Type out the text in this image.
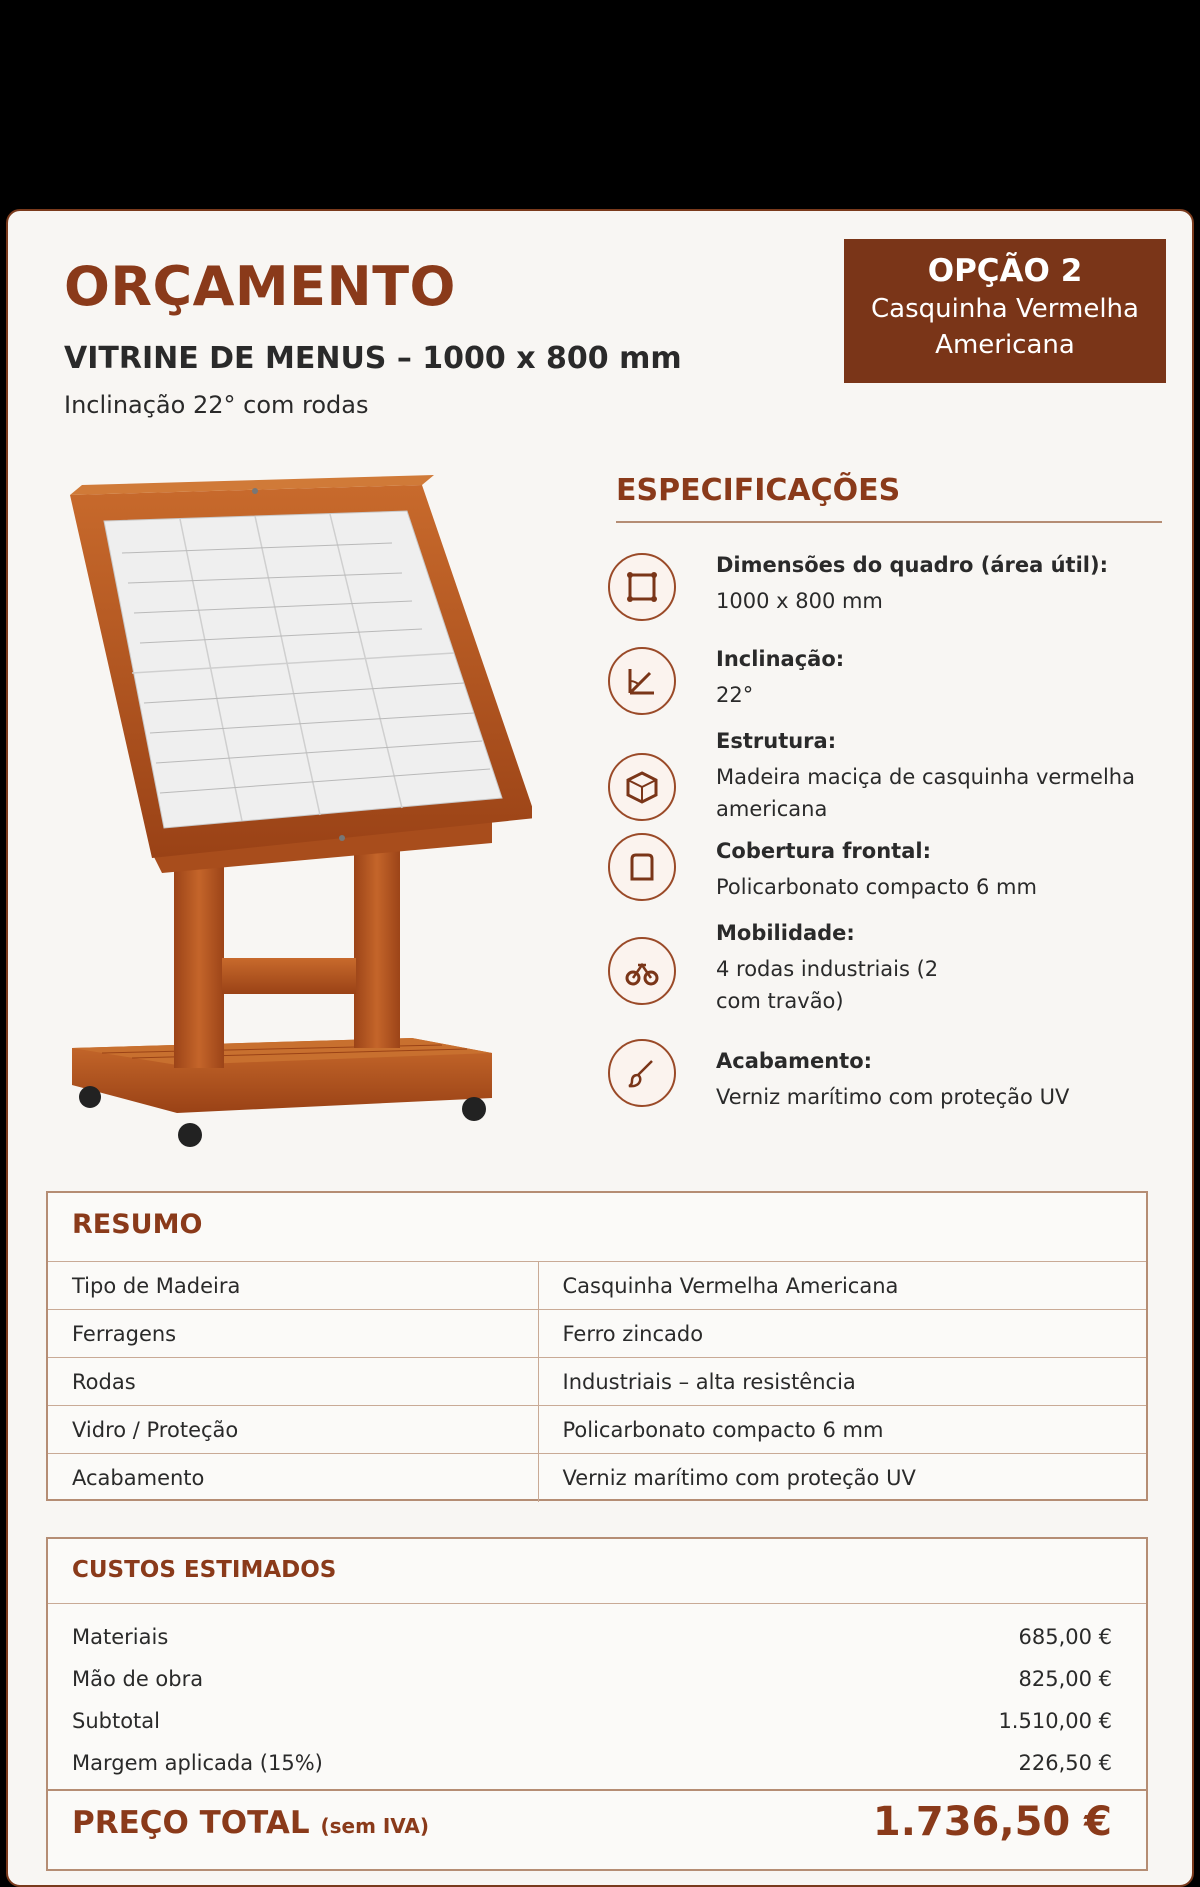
ORÇAMENTO
VITRINE DE MENUS – 1000 x 800 mm
Inclinação 22° com rodas
OPÇÃO 2
Casquinha Vermelha
Americana
ESPECIFICAÇÕES
Dimensões do quadro (área útil):
1000 x 800 mm
Inclinação:
22°
Estrutura:
Madeira maciça de casquinha vermelha americana
Cobertura frontal:
Policarbonato compacto 6 mm
Mobilidade:
4 rodas industriais (2 com travão)
Acabamento:
Verniz marítimo com proteção UV
RESUMO
Tipo de Madeira	Casquinha Vermelha Americana
Ferragens	Ferro zincado
Rodas	Industriais – alta resistência
Vidro / Proteção	Policarbonato compacto 6 mm
Acabamento	Verniz marítimo com proteção UV
CUSTOS ESTIMADOS
Materiais	685,00 €
Mão de obra	825,00 €
Subtotal	1.510,00 €
Margem aplicada (15%)	226,50 €
PREÇO TOTAL (sem IVA)	1.736,50 €
